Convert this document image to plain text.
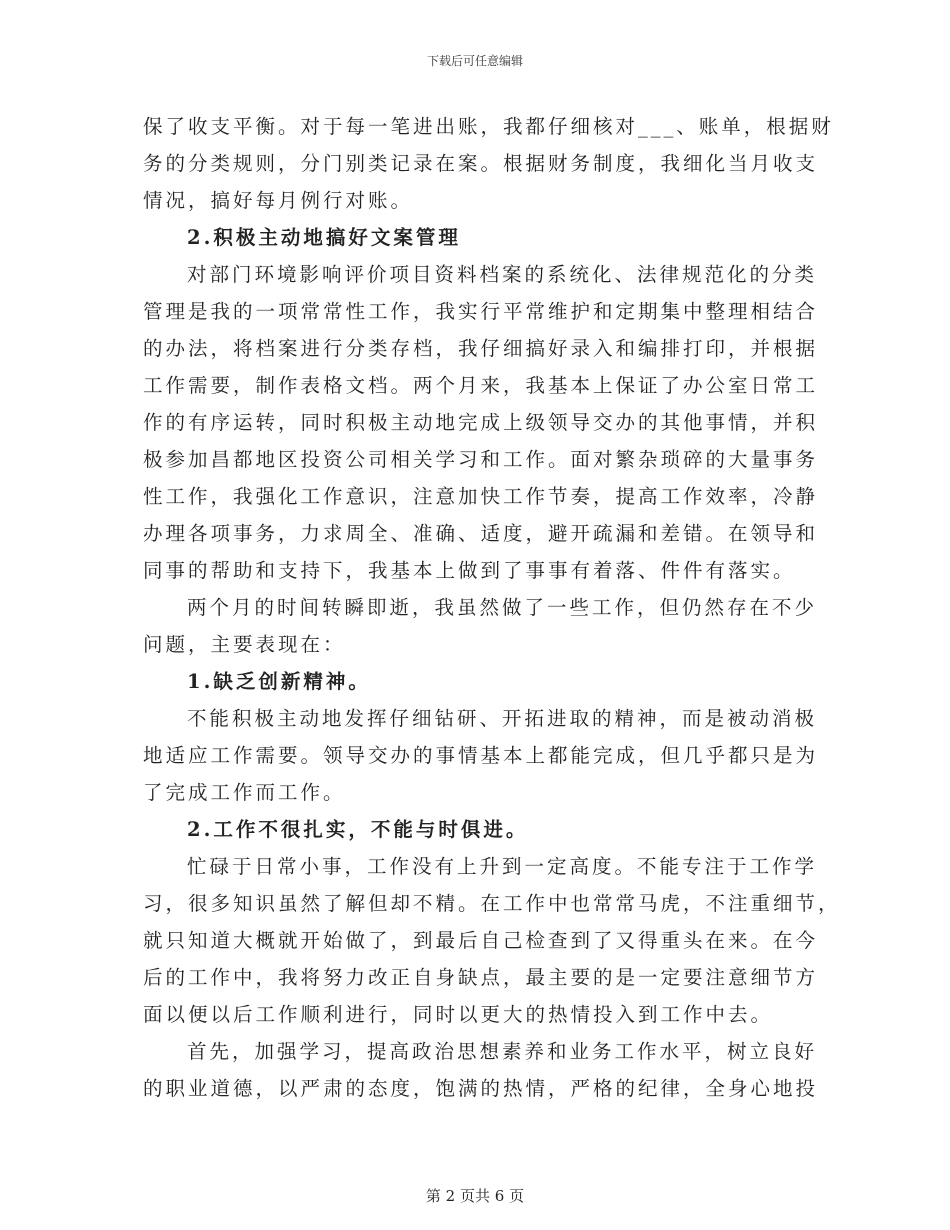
下载后可任意编辑
保了收支平衡。对于每一笔进出账，我都仔细核对___、账单，根据财
务的分类规则，分门别类记录在案。根据财务制度，我细化当月收支
情况，搞好每月例行对账。
2.积极主动地搞好文案管理
对部门环境影响评价项目资料档案的系统化、法律规范化的分类
管理是我的一项常常性工作，我实行平常维护和定期集中整理相结合
的办法，将档案进行分类存档，我仔细搞好录入和编排打印，并根据
工作需要，制作表格文档。两个月来，我基本上保证了办公室日常工
作的有序运转，同时积极主动地完成上级领导交办的其他事情，并积
极参加昌都地区投资公司相关学习和工作。面对繁杂琐碎的大量事务
性工作，我强化工作意识，注意加快工作节奏，提高工作效率，冷静
办理各项事务，力求周全、准确、适度，避开疏漏和差错。在领导和
同事的帮助和支持下，我基本上做到了事事有着落、件件有落实。
两个月的时间转瞬即逝，我虽然做了一些工作，但仍然存在不少
问题，主要表现在：
1.缺乏创新精神。
不能积极主动地发挥仔细钻研、开拓进取的精神，而是被动消极
地适应工作需要。领导交办的事情基本上都能完成，但几乎都只是为
了完成工作而工作。
2.工作不很扎实，不能与时俱进。
忙碌于日常小事，工作没有上升到一定高度。不能专注于工作学
习，很多知识虽然了解但却不精。在工作中也常常马虎，不注重细节，
就只知道大概就开始做了，到最后自己检查到了又得重头在来。在今
后的工作中，我将努力改正自身缺点，最主要的是一定要注意细节方
面以便以后工作顺利进行，同时以更大的热情投入到工作中去。
首先，加强学习，提高政治思想素养和业务工作水平，树立良好
的职业道德，以严肃的态度，饱满的热情，严格的纪律，全身心地投
第 2 页共 6 页
